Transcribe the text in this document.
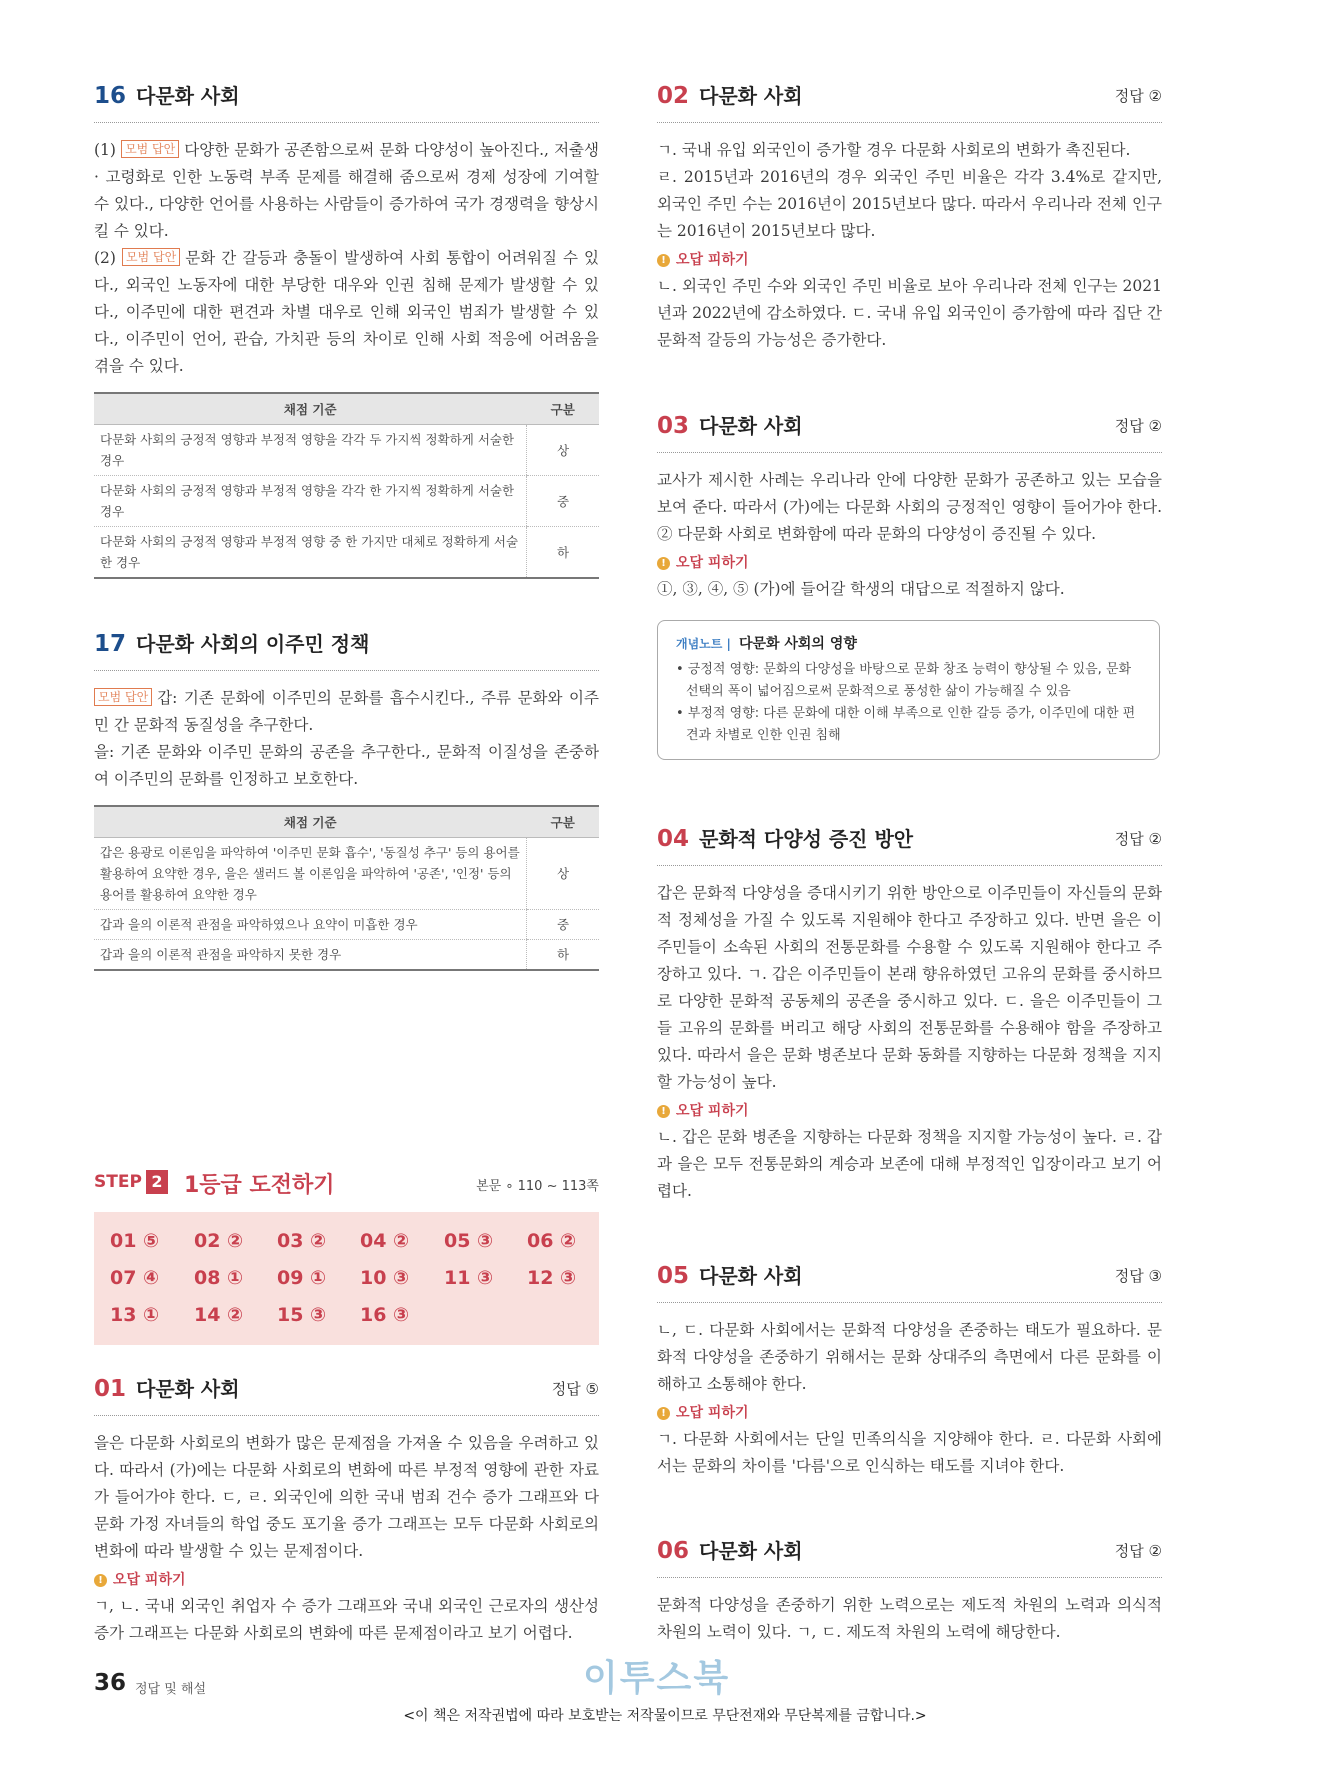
16 다문화 사회

(1) 모범 답안 다양한 문화가 공존함으로써 문화 다양성이 높아진다., 저출생 · 고령화로 인한 노동력 부족 문제를 해결해 줌으로써 경제 성장에 기여할 수 있다., 다양한 언어를 사용하는 사람들이 증가하여 국가 경쟁력을 향상시킬 수 있다.

(2) 모범 답안 문화 간 갈등과 충돌이 발생하여 사회 통합이 어려워질 수 있다., 외국인 노동자에 대한 부당한 대우와 인권 침해 문제가 발생할 수 있다., 이주민에 대한 편견과 차별 대우로 인해 외국인 범죄가 발생할 수 있다., 이주민이 언어, 관습, 가치관 등의 차이로 인해 사회 적응에 어려움을 겪을 수 있다.

채점 기준	구분
다문화 사회의 긍정적 영향과 부정적 영향을 각각 두 가지씩 정확하게 서술한 경우	상
다문화 사회의 긍정적 영향과 부정적 영향을 각각 한 가지씩 정확하게 서술한 경우	중
다문화 사회의 긍정적 영향과 부정적 영향 중 한 가지만 대체로 정확하게 서술한 경우	하
17 다문화 사회의 이주민 정책

모범 답안 갑: 기존 문화에 이주민의 문화를 흡수시킨다., 주류 문화와 이주민 간 문화적 동질성을 추구한다.

을: 기존 문화와 이주민 문화의 공존을 추구한다., 문화적 이질성을 존중하여 이주민의 문화를 인정하고 보호한다.

채점 기준	구분
갑은 용광로 이론임을 파악하여 '이주민 문화 흡수', '동질성 추구' 등의 용어를 활용하여 요약한 경우, 을은 샐러드 볼 이론임을 파악하여 '공존', '인정' 등의 용어를 활용하여 요약한 경우	상
갑과 을의 이론적 관점을 파악하였으나 요약이 미흡한 경우	중
갑과 을의 이론적 관점을 파악하지 못한 경우	하
STEP 2 1등급 도전하기	본문 ∘ 110 ~ 113쪽
01 ⑤ 02 ② 03 ② 04 ② 05 ③ 06 ②
07 ④ 08 ① 09 ① 10 ③ 11 ③ 12 ③
13 ① 14 ② 15 ③ 16 ③
01 다문화 사회	정답 ⑤

을은 다문화 사회로의 변화가 많은 문제점을 가져올 수 있음을 우려하고 있다. 따라서 (가)에는 다문화 사회로의 변화에 따른 부정적 영향에 관한 자료가 들어가야 한다. ㄷ, ㄹ. 외국인에 의한 국내 범죄 건수 증가 그래프와 다문화 가정 자녀들의 학업 중도 포기율 증가 그래프는 모두 다문화 사회로의 변화에 따라 발생할 수 있는 문제점이다.

! 오답 피하기

ㄱ, ㄴ. 국내 외국인 취업자 수 증가 그래프와 국내 외국인 근로자의 생산성 증가 그래프는 다문화 사회로의 변화에 따른 문제점이라고 보기 어렵다.

02 다문화 사회	정답 ②

ㄱ. 국내 유입 외국인이 증가할 경우 다문화 사회로의 변화가 촉진된다.

ㄹ. 2015년과 2016년의 경우 외국인 주민 비율은 각각 3.4%로 같지만, 외국인 주민 수는 2016년이 2015년보다 많다. 따라서 우리나라 전체 인구는 2016년이 2015년보다 많다.

! 오답 피하기

ㄴ. 외국인 주민 수와 외국인 주민 비율로 보아 우리나라 전체 인구는 2021년과 2022년에 감소하였다. ㄷ. 국내 유입 외국인이 증가함에 따라 집단 간 문화적 갈등의 가능성은 증가한다.

03 다문화 사회	정답 ②

교사가 제시한 사례는 우리나라 안에 다양한 문화가 공존하고 있는 모습을 보여 준다. 따라서 (가)에는 다문화 사회의 긍정적인 영향이 들어가야 한다. ② 다문화 사회로 변화함에 따라 문화의 다양성이 증진될 수 있다.

! 오답 피하기

①, ③, ④, ⑤ (가)에 들어갈 학생의 대답으로 적절하지 않다.

개념노트 | 다문화 사회의 영향
• 긍정적 영향: 문화의 다양성을 바탕으로 문화 창조 능력이 향상될 수 있음, 문화 선택의 폭이 넓어짐으로써 문화적으로 풍성한 삶이 가능해질 수 있음
• 부정적 영향: 다른 문화에 대한 이해 부족으로 인한 갈등 증가, 이주민에 대한 편견과 차별로 인한 인권 침해
04 문화적 다양성 증진 방안	정답 ②

갑은 문화적 다양성을 증대시키기 위한 방안으로 이주민들이 자신들의 문화적 정체성을 가질 수 있도록 지원해야 한다고 주장하고 있다. 반면 을은 이주민들이 소속된 사회의 전통문화를 수용할 수 있도록 지원해야 한다고 주장하고 있다. ㄱ. 갑은 이주민들이 본래 향유하였던 고유의 문화를 중시하므로 다양한 문화적 공동체의 공존을 중시하고 있다. ㄷ. 을은 이주민들이 그들 고유의 문화를 버리고 해당 사회의 전통문화를 수용해야 함을 주장하고 있다. 따라서 을은 문화 병존보다 문화 동화를 지향하는 다문화 정책을 지지할 가능성이 높다.

! 오답 피하기

ㄴ. 갑은 문화 병존을 지향하는 다문화 정책을 지지할 가능성이 높다. ㄹ. 갑과 을은 모두 전통문화의 계승과 보존에 대해 부정적인 입장이라고 보기 어렵다.

05 다문화 사회	정답 ③

ㄴ, ㄷ. 다문화 사회에서는 문화적 다양성을 존중하는 태도가 필요하다. 문화적 다양성을 존중하기 위해서는 문화 상대주의 측면에서 다른 문화를 이해하고 소통해야 한다.

! 오답 피하기

ㄱ. 다문화 사회에서는 단일 민족의식을 지양해야 한다. ㄹ. 다문화 사회에서는 문화의 차이를 '다름'으로 인식하는 태도를 지녀야 한다.

06 다문화 사회	정답 ②

문화적 다양성을 존중하기 위한 노력으로는 제도적 차원의 노력과 의식적 차원의 노력이 있다. ㄱ, ㄷ. 제도적 차원의 노력에 해당한다.

36 정답 및 해설	이투스북
<이 책은 저작권법에 따라 보호받는 저작물이므로 무단전재와 무단복제를 금합니다.>
